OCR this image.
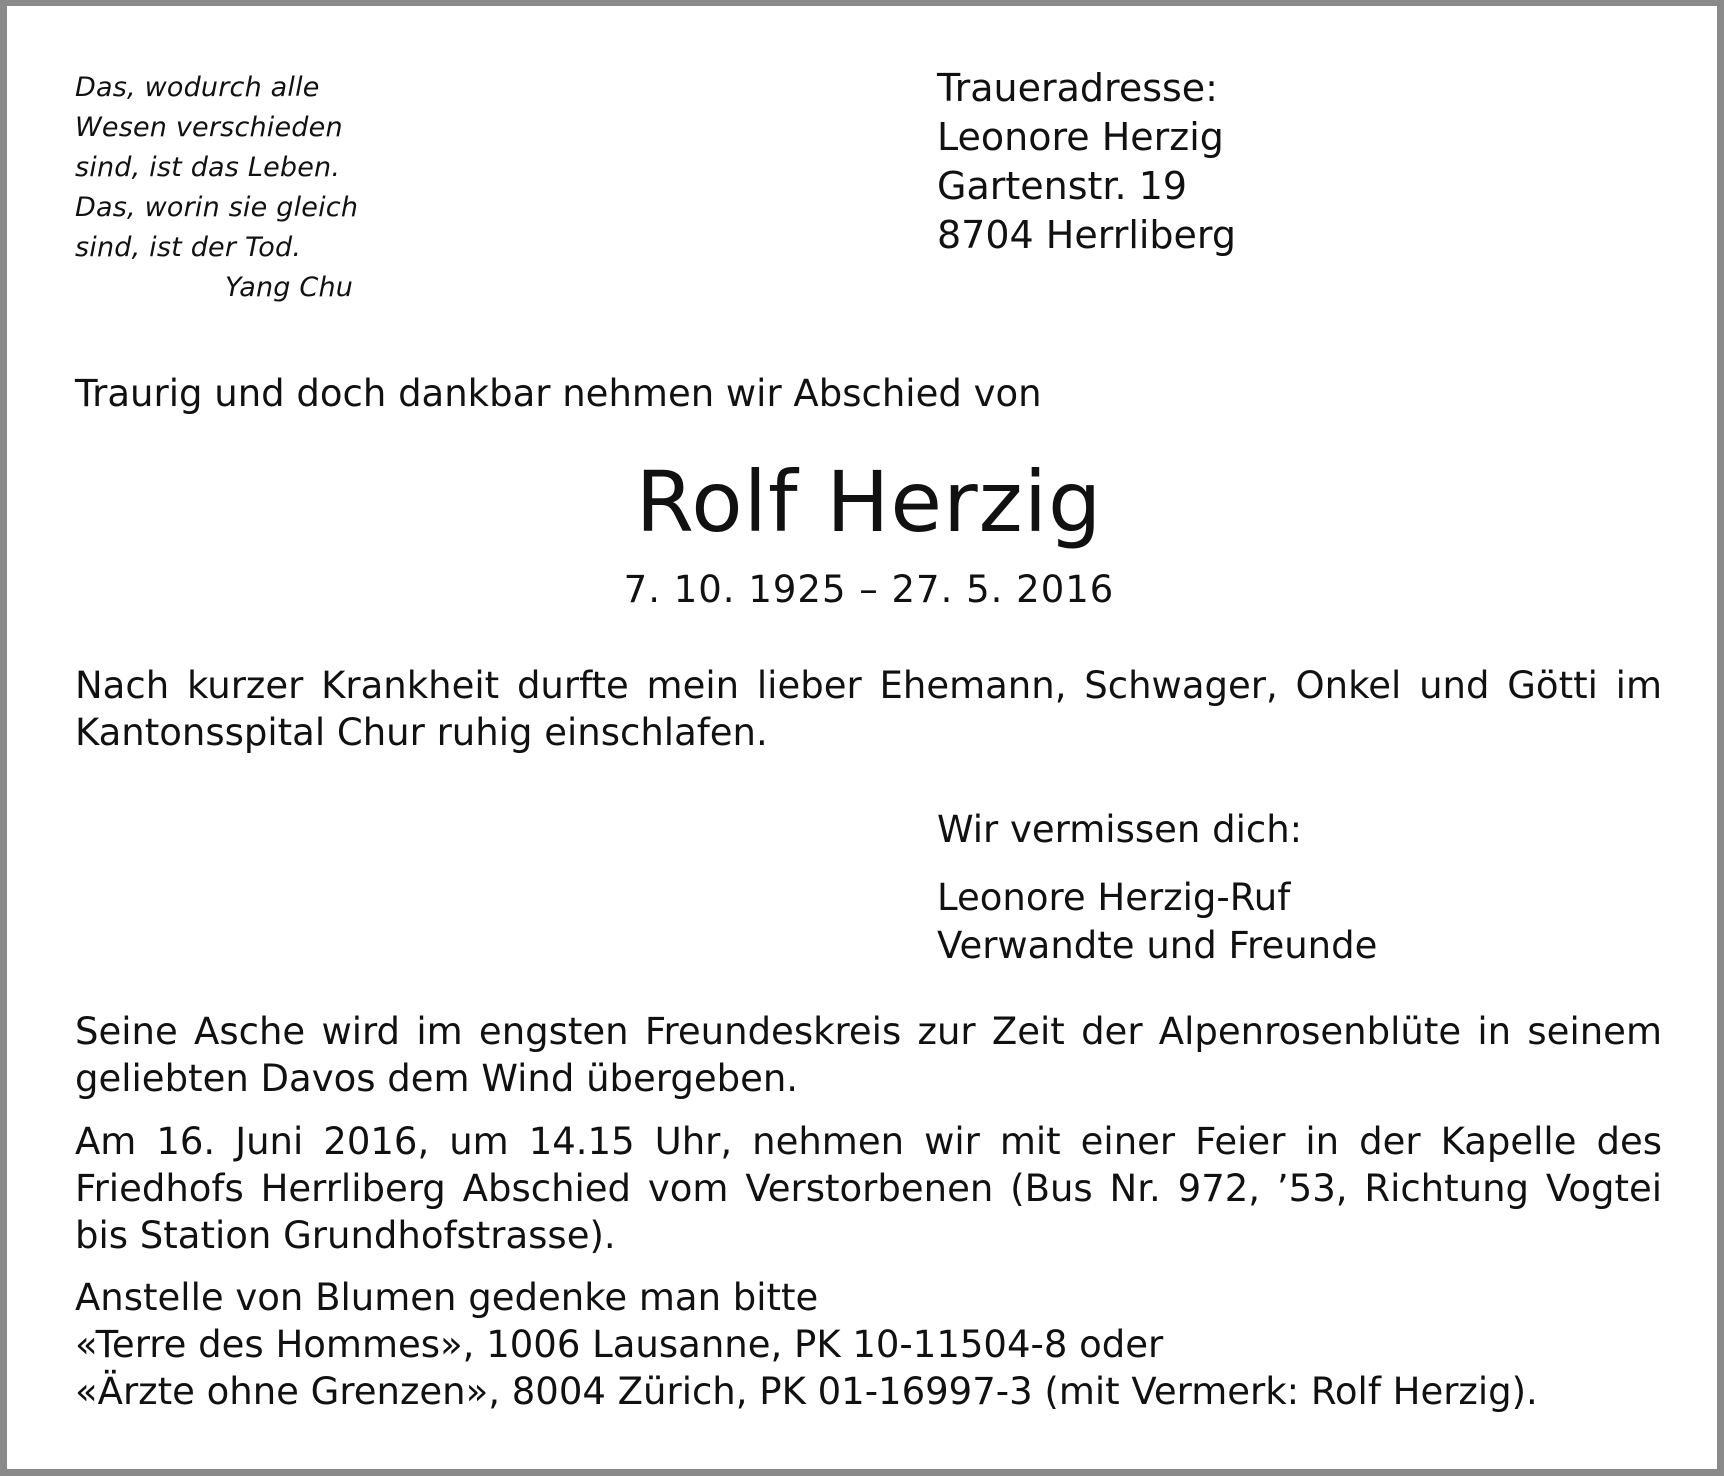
Das, wodurch alle
Wesen verschieden
sind, ist das Leben.
Das, worin sie gleich
sind, ist der Tod.
Yang Chu
Traueradresse:
Leonore Herzig
Gartenstr. 19
8704 Herrliberg
Traurig und doch dankbar nehmen wir Abschied von
Rolf Herzig
7. 10. 1925 – 27. 5. 2016
Nach kurzer Krankheit durfte mein lieber Ehemann, Schwager, Onkel und Götti im Kantonsspital Chur ruhig einschlafen.
Wir vermissen dich:
Leonore Herzig-Ruf
Verwandte und Freunde
Seine Asche wird im engsten Freundeskreis zur Zeit der Alpenrosenblüte in seinem geliebten Davos dem Wind übergeben.
Am 16. Juni 2016, um 14.15 Uhr, nehmen wir mit einer Feier in der Kapelle des Friedhofs Herrliberg Abschied vom Verstorbenen (Bus Nr. 972, ’53, Richtung Vogtei bis Station Grundhofstrasse).
Anstelle von Blumen gedenke man bitte
«Terre des Hommes», 1006 Lausanne, PK 10-11504-8 oder
«Ärzte ohne Grenzen», 8004 Zürich, PK 01-16997-3 (mit Vermerk: Rolf Herzig).
